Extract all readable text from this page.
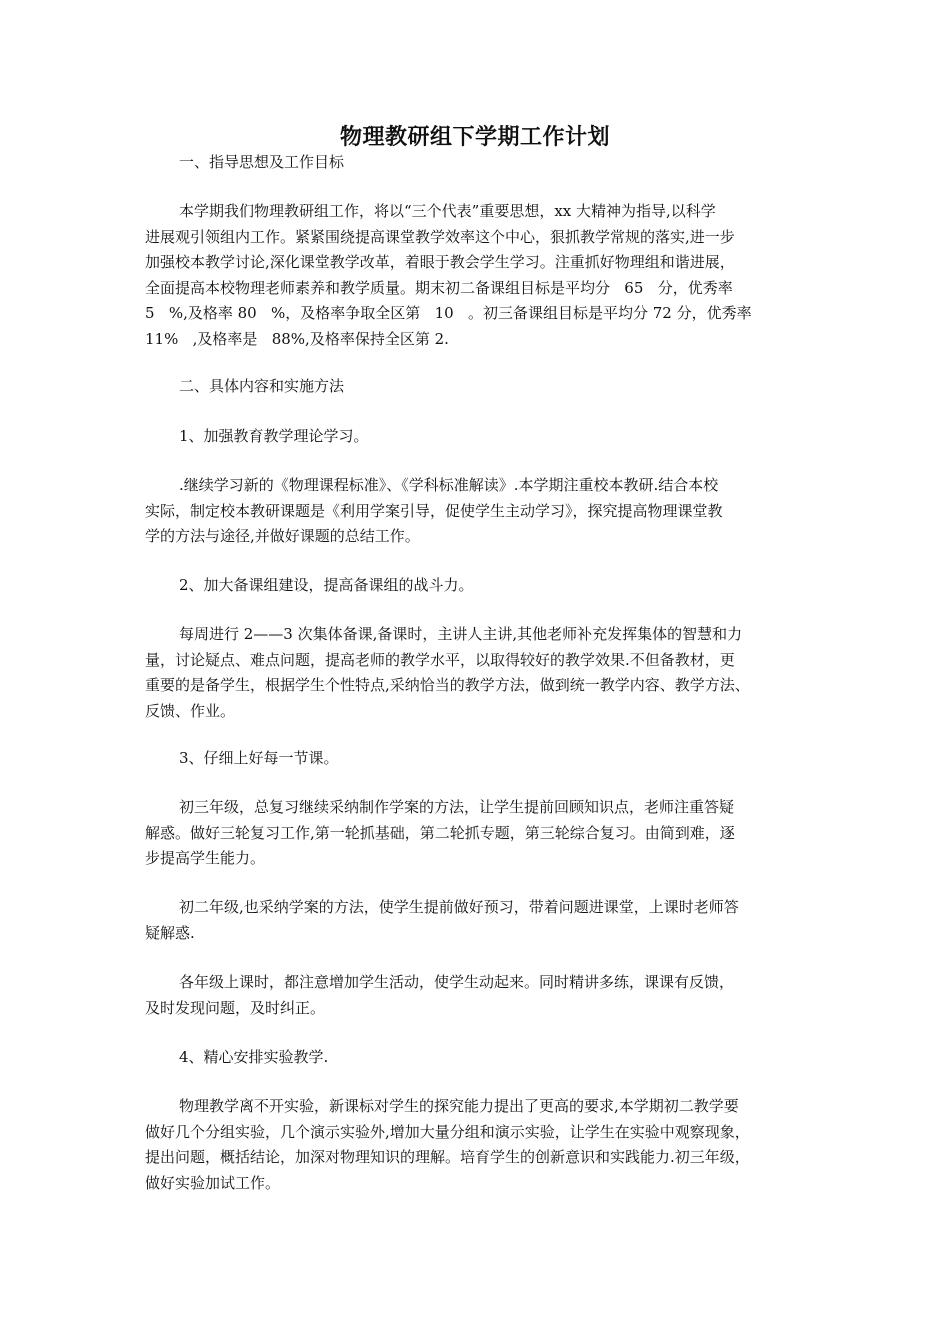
物理教研组下学期工作计划

一、指导思想及工作目标

本学期我们物理教研组工作，将以“三个代表”重要思想，xx 大精神为指导,以科学
进展观引领组内工作。紧紧围绕提高课堂教学效率这个中心，狠抓教学常规的落实,进一步
加强校本教学讨论,深化课堂教学改革，着眼于教会学生学习。注重抓好物理组和谐进展，
全面提高本校物理老师素养和教学质量。期末初二备课组目标是平均分   65   分，优秀率
5   %,及格率 80   %，及格率争取全区第   10   。初三备课组目标是平均分 72 分，优秀率
11%   ,及格率是   88%,及格率保持全区第 2.

二、具体内容和实施方法

1、加强教育教学理论学习。

.继续学习新的《物理课程标准》、《学科标准解读》.本学期注重校本教研.结合本校
实际，制定校本教研课题是《利用学案引导，促使学生主动学习》，探究提高物理课堂教
学的方法与途径,并做好课题的总结工作。

2、加大备课组建设，提高备课组的战斗力。

每周进行 2——3 次集体备课,备课时，主讲人主讲,其他老师补充发挥集体的智慧和力
量，讨论疑点、难点问题，提高老师的教学水平，以取得较好的教学效果.不但备教材，更
重要的是备学生，根据学生个性特点,采纳恰当的教学方法，做到统一教学内容、教学方法、
反馈、作业。

3、仔细上好每一节课。

初三年级，总复习继续采纳制作学案的方法，让学生提前回顾知识点，老师注重答疑
解惑。做好三轮复习工作,第一轮抓基础，第二轮抓专题，第三轮综合复习。由简到难，逐
步提高学生能力。
初二年级,也采纳学案的方法，使学生提前做好预习，带着问题进课堂，上课时老师答
疑解惑.
各年级上课时，都注意增加学生活动，使学生动起来。同时精讲多练，课课有反馈，
及时发现问题，及时纠正。

4、精心安排实验教学.

物理教学离不开实验，新课标对学生的探究能力提出了更高的要求,本学期初二教学要
做好几个分组实验，几个演示实验外,增加大量分组和演示实验，让学生在实验中观察现象，
提出问题，概括结论，加深对物理知识的理解。培育学生的创新意识和实践能力.初三年级，
做好实验加试工作。
